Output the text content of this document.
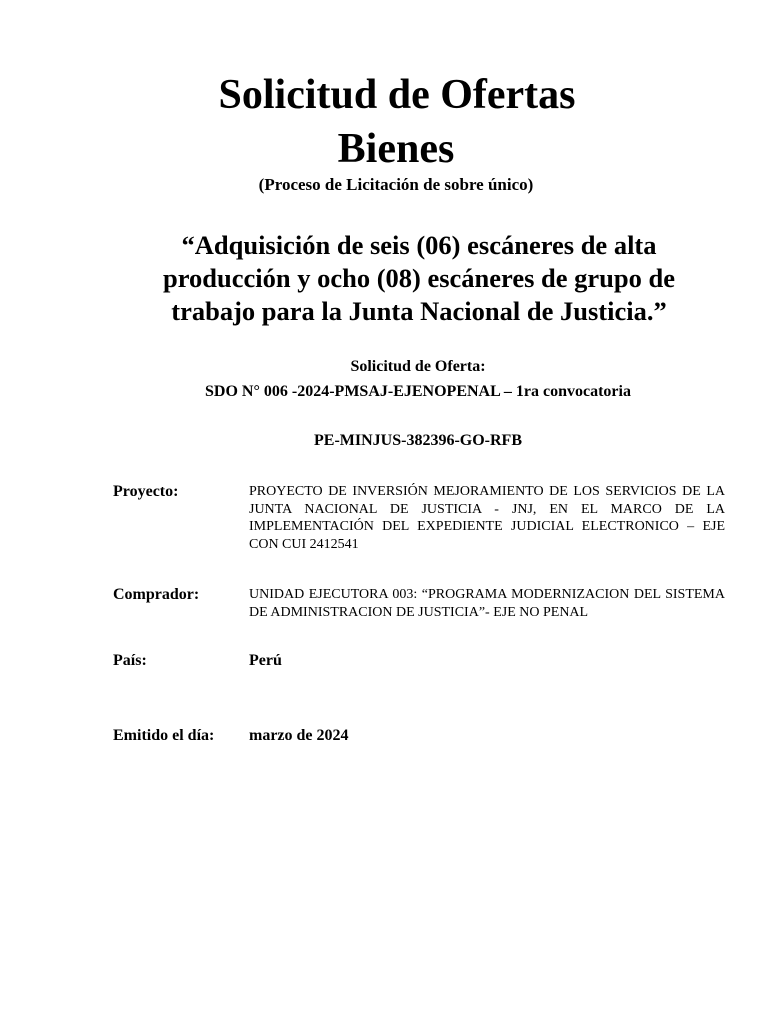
Solicitud de Ofertas
Bienes
(Proceso de Licitación de sobre único)
“Adquisición de seis (06) escáneres de alta producción y ocho (08) escáneres de grupo de trabajo para la Junta Nacional de Justicia.”
Solicitud de Oferta:
SDO N° 006 -2024-PMSAJ-EJENOPENAL – 1ra convocatoria
PE-MINJUS-382396-GO-RFB
Proyecto:	PROYECTO DE INVERSIÓN MEJORAMIENTO DE LOS SERVICIOS DE LA JUNTA NACIONAL DE JUSTICIA - JNJ, EN EL MARCO DE LA IMPLEMENTACIÓN DEL EXPEDIENTE JUDICIAL ELECTRONICO – EJE CON CUI 2412541
Comprador:	UNIDAD EJECUTORA 003: “PROGRAMA MODERNIZACION DEL SISTEMA DE ADMINISTRACION DE JUSTICIA”- EJE NO PENAL
País:	Perú
Emitido el día: marzo de 2024
